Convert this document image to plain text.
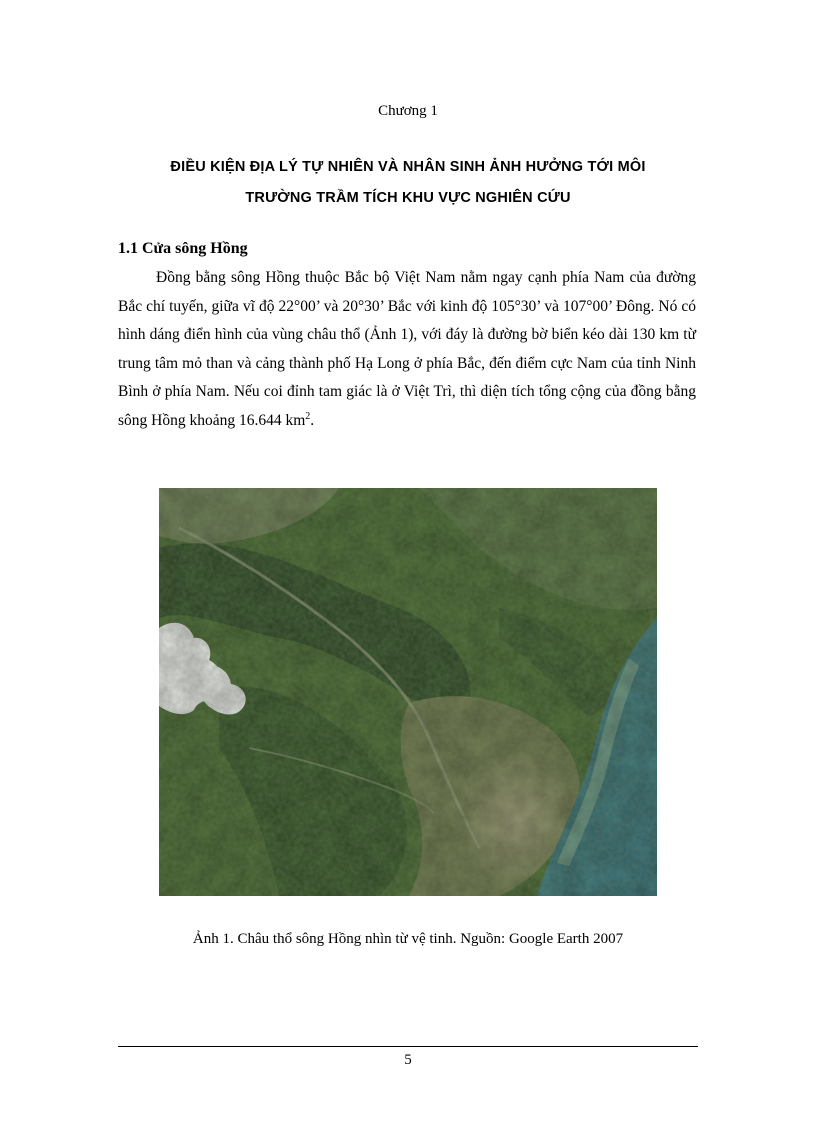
Chương 1
ĐIỀU KIỆN ĐỊA LÝ TỰ NHIÊN VÀ NHÂN SINH ẢNH HƯỞNG TỚI MÔI
TRƯỜNG TRẦM TÍCH KHU VỰC NGHIÊN CỨU
1.1 Cửa sông Hồng

Đồng bằng sông Hồng thuộc Bắc bộ Việt Nam nằm ngay cạnh phía Nam của đường Bắc chí tuyến, giữa vĩ độ 22°00’ và 20°30’ Bắc với kinh độ 105°30’ và 107°00’ Đông. Nó có hình dáng điển hình của vùng châu thổ (Ảnh 1), với đáy là đường bờ biển kéo dài 130 km từ trung tâm mỏ than và cảng thành phố Hạ Long ở phía Bắc, đến điểm cực Nam của tỉnh Ninh Bình ở phía Nam. Nếu coi đỉnh tam giác là ở Việt Trì, thì diện tích tổng cộng của đồng bằng sông Hồng khoảng 16.644 $km^2$.

Ảnh 1. Châu thổ sông Hồng nhìn từ vệ tinh. Nguồn: Google Earth 2007
5
